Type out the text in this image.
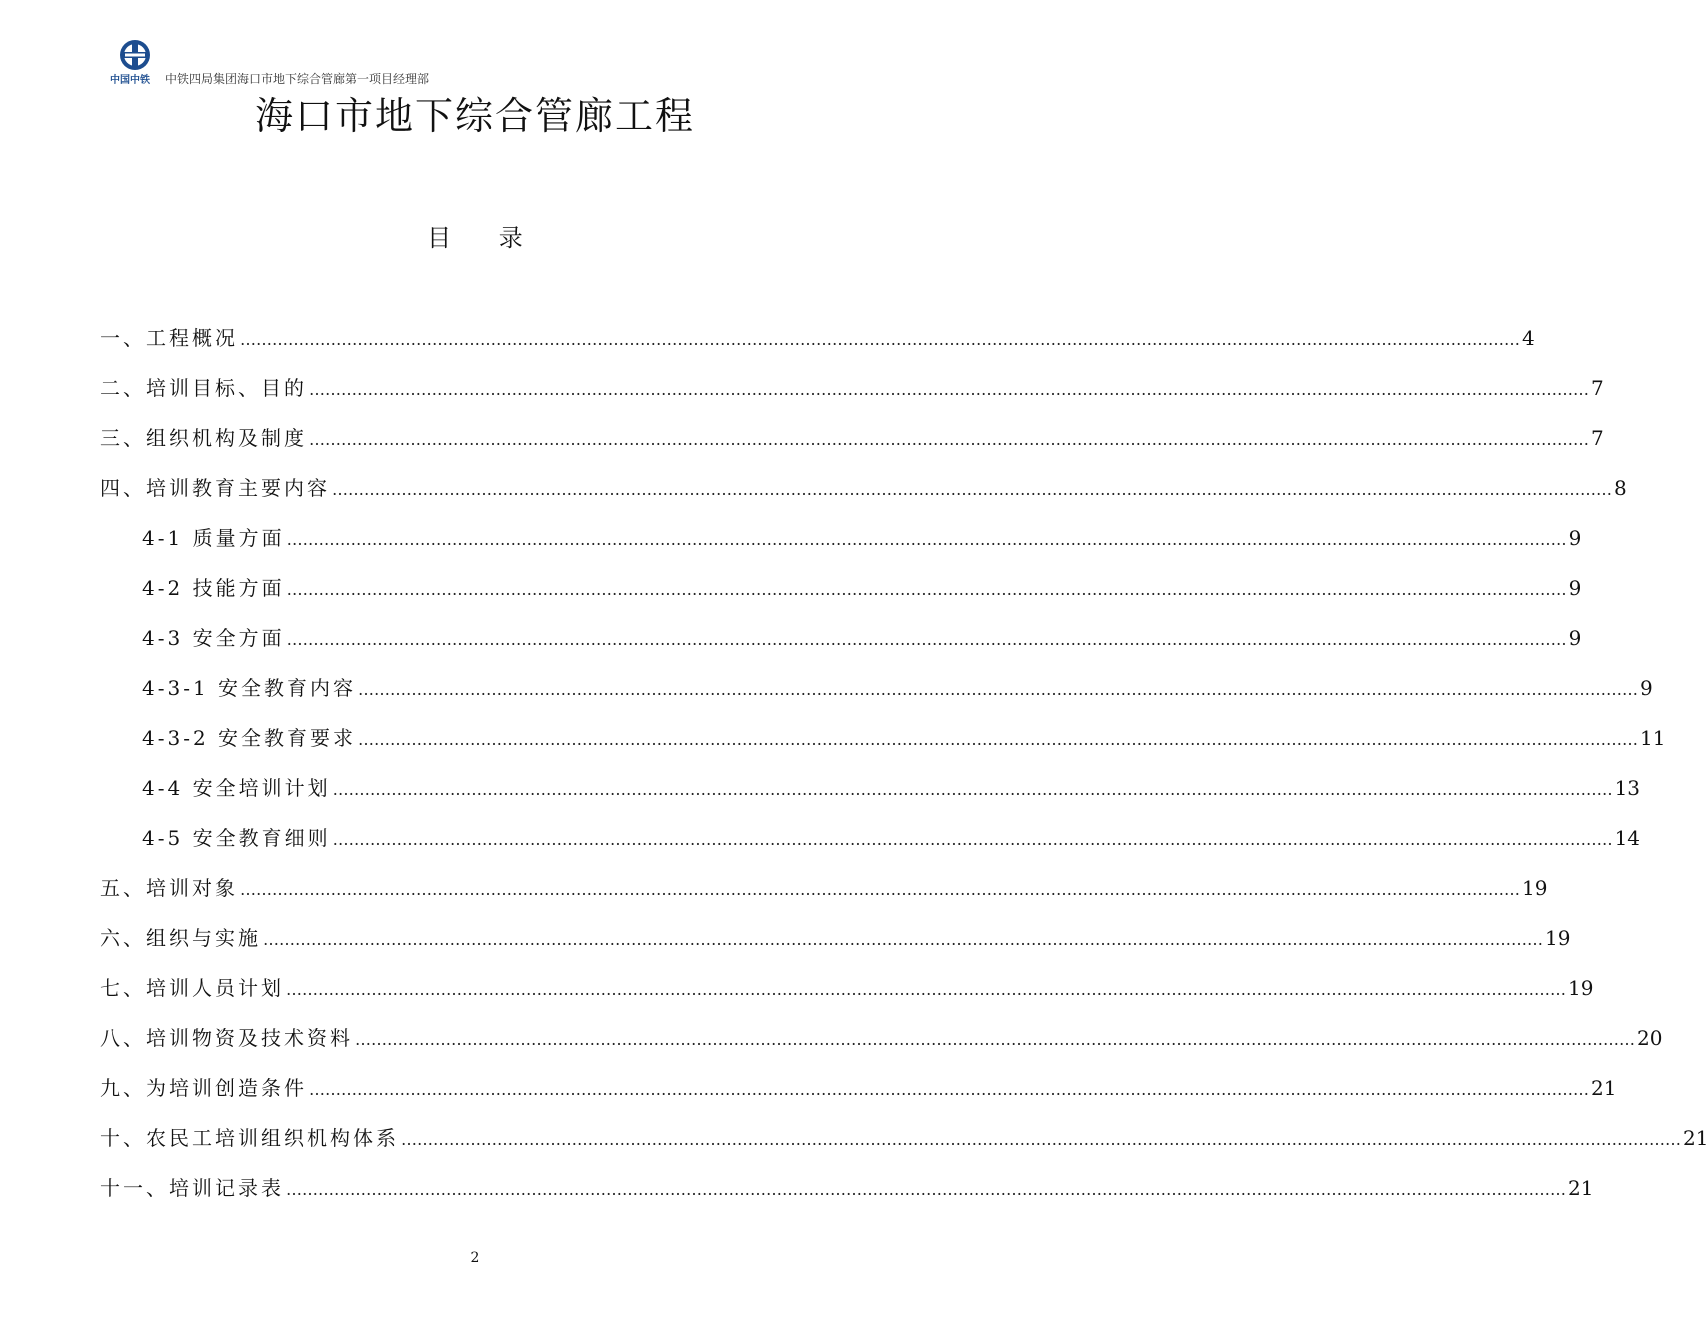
中国中铁	中铁四局集团海口市地下综合管廊第一项目经理部
海口市地下综合管廊工程
目 录
一、工程概况 …………………………………………………………………………………………………………………………………………………………………………………………………………………… 4
二、培训目标、目的 …………………………………………………………………………………………………………………………………………………………………………………………………………………… 7
三、组织机构及制度 …………………………………………………………………………………………………………………………………………………………………………………………………………………… 7
四、培训教育主要内容 …………………………………………………………………………………………………………………………………………………………………………………………………………………… 8
4-1 质量方面 …………………………………………………………………………………………………………………………………………………………………………………………………………………… 9
4-2 技能方面 …………………………………………………………………………………………………………………………………………………………………………………………………………………… 9
4-3 安全方面 …………………………………………………………………………………………………………………………………………………………………………………………………………………… 9
4-3-1 安全教育内容 …………………………………………………………………………………………………………………………………………………………………………………………………………………… 9
4-3-2 安全教育要求 …………………………………………………………………………………………………………………………………………………………………………………………………………………… 11
4-4 安全培训计划 …………………………………………………………………………………………………………………………………………………………………………………………………………………… 13
4-5 安全教育细则 …………………………………………………………………………………………………………………………………………………………………………………………………………………… 14
五、培训对象 …………………………………………………………………………………………………………………………………………………………………………………………………………………… 19
六、组织与实施 …………………………………………………………………………………………………………………………………………………………………………………………………………………… 19
七、培训人员计划 …………………………………………………………………………………………………………………………………………………………………………………………………………………… 19
八、培训物资及技术资料 …………………………………………………………………………………………………………………………………………………………………………………………………………………… 20
九、为培训创造条件 …………………………………………………………………………………………………………………………………………………………………………………………………………………… 21
十、农民工培训组织机构体系 …………………………………………………………………………………………………………………………………………………………………………………………………………………… 21
十一、培训记录表 …………………………………………………………………………………………………………………………………………………………………………………………………………………… 21
2
